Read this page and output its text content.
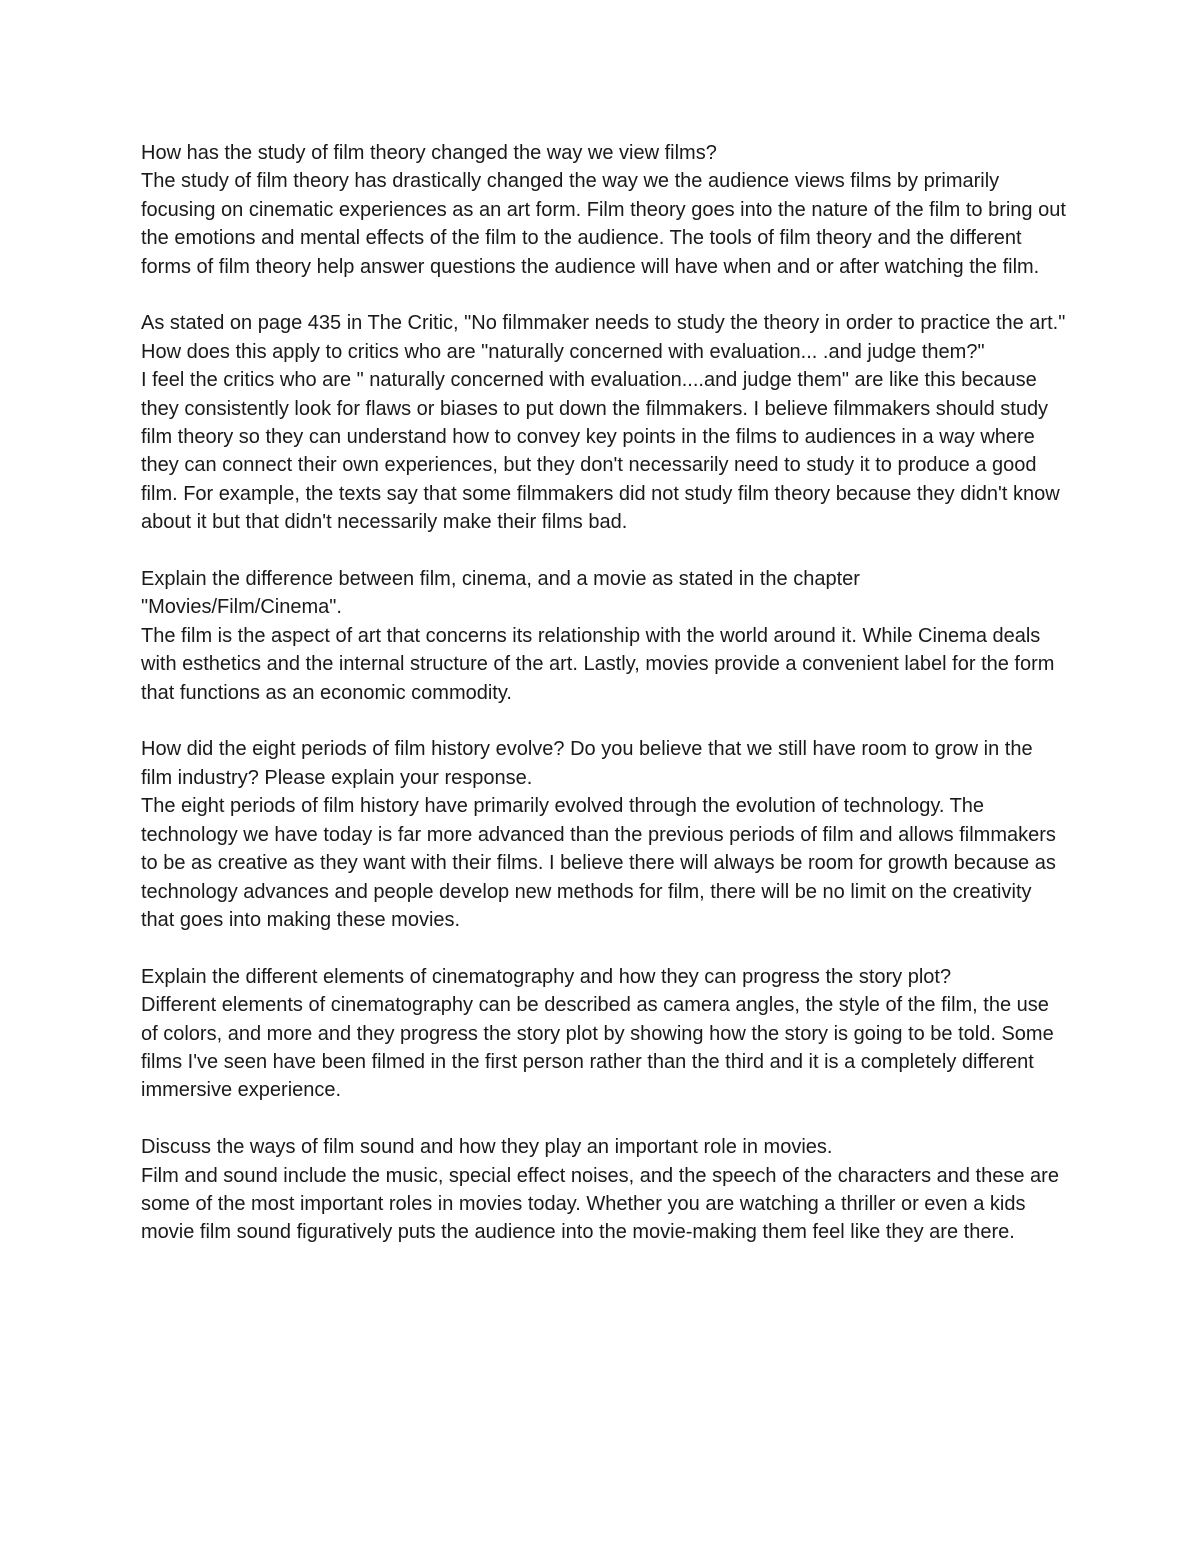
How has the study of film theory changed the way we view films?

The study of film theory has drastically changed the way we the audience views films by primarily focusing on cinematic experiences as an art form. Film theory goes into the nature of the film to bring out the emotions and mental effects of the film to the audience. The tools of film theory and the different forms of film theory help answer questions the audience will have when and or after watching the film.

As stated on page 435 in The Critic, "No filmmaker needs to study the theory in order to practice the art." How does this apply to critics who are "naturally concerned with evaluation... .and judge them?"

I feel the critics who are " naturally concerned with evaluation....and judge them" are like this because they consistently look for flaws or biases to put down the filmmakers. I believe filmmakers should study film theory so they can understand how to convey key points in the films to audiences in a way where they can connect their own experiences, but they don't necessarily need to study it to produce a good film. For example, the texts say that some filmmakers did not study film theory because they didn't know about it but that didn't necessarily make their films bad.

Explain the difference between film, cinema, and a movie as stated in the chapter "Movies/Film/Cinema".

The film is the aspect of art that concerns its relationship with the world around it. While Cinema deals with esthetics and the internal structure of the art. Lastly, movies provide a convenient label for the form that functions as an economic commodity.

How did the eight periods of film history evolve? Do you believe that we still have room to grow in the film industry? Please explain your response.

The eight periods of film history have primarily evolved through the evolution of technology. The technology we have today is far more advanced than the previous periods of film and allows filmmakers to be as creative as they want with their films. I believe there will always be room for growth because as technology advances and people develop new methods for film, there will be no limit on the creativity that goes into making these movies.

Explain the different elements of cinematography and how they can progress the story plot?

Different elements of cinematography can be described as camera angles, the style of the film, the use of colors, and more and they progress the story plot by showing how the story is going to be told. Some films I've seen have been filmed in the first person rather than the third and it is a completely different immersive experience.

Discuss the ways of film sound and how they play an important role in movies.

Film and sound include the music, special effect noises, and the speech of the characters and these are some of the most important roles in movies today. Whether you are watching a thriller or even a kids movie film sound figuratively puts the audience into the movie-making them feel like they are there.
